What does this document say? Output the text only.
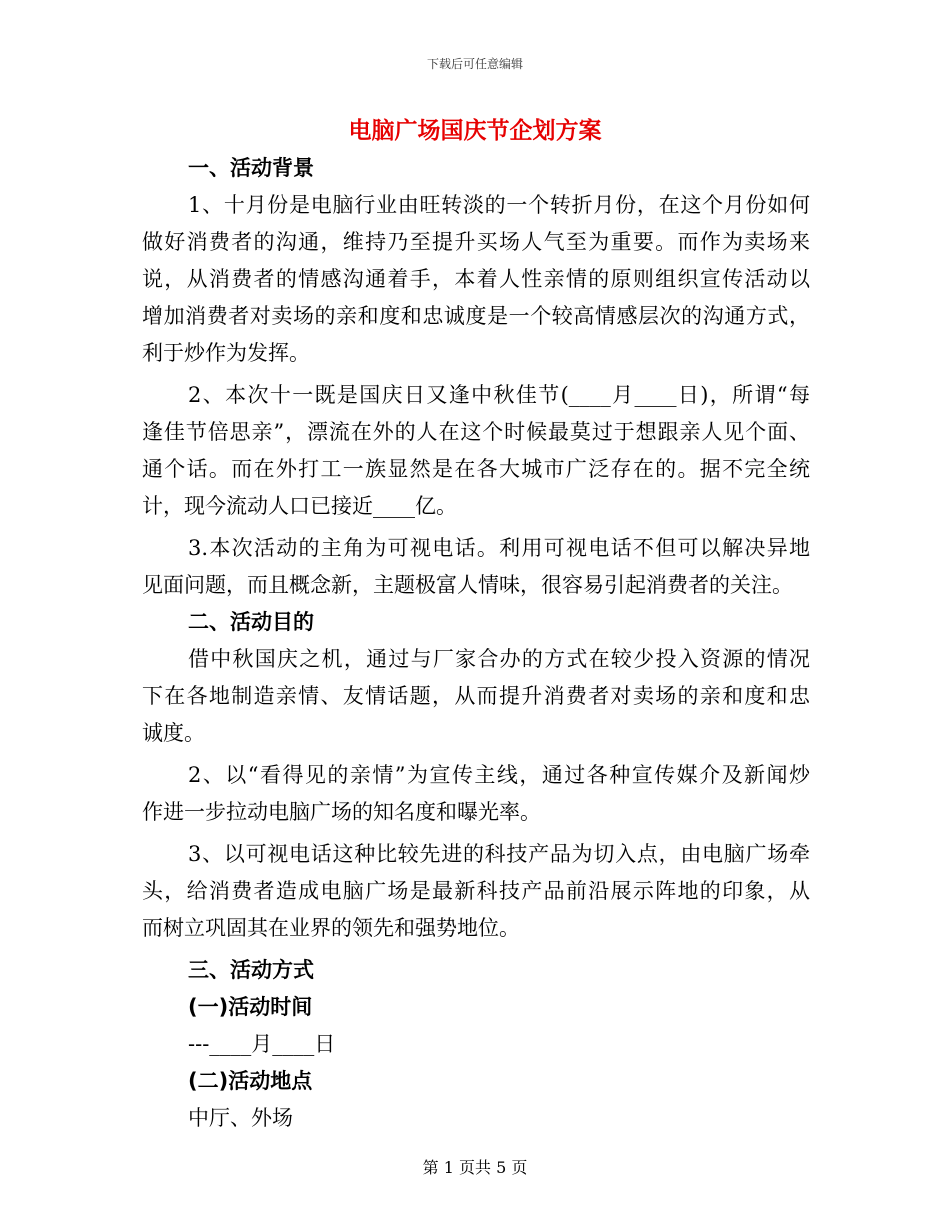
下载后可任意编辑
电脑广场国庆节企划方案
一、活动背景
1、十月份是电脑行业由旺转淡的一个转折月份，在这个月份如何
做好消费者的沟通，维持乃至提升买场人气至为重要。而作为卖场来
说，从消费者的情感沟通着手，本着人性亲情的原则组织宣传活动以
增加消费者对卖场的亲和度和忠诚度是一个较高情感层次的沟通方式，
利于炒作为发挥。
2、本次十一既是国庆日又逢中秋佳节(____月____日)，所谓“每
逢佳节倍思亲”，漂流在外的人在这个时候最莫过于想跟亲人见个面、
通个话。而在外打工一族显然是在各大城市广泛存在的。据不完全统
计，现今流动人口已接近____亿。
3.本次活动的主角为可视电话。利用可视电话不但可以解决异地
见面问题，而且概念新，主题极富人情味，很容易引起消费者的关注。
二、活动目的
借中秋国庆之机，通过与厂家合办的方式在较少投入资源的情况
下在各地制造亲情、友情话题，从而提升消费者对卖场的亲和度和忠
诚度。
2、以“看得见的亲情”为宣传主线，通过各种宣传媒介及新闻炒
作进一步拉动电脑广场的知名度和曝光率。
3、以可视电话这种比较先进的科技产品为切入点，由电脑广场牵
头，给消费者造成电脑广场是最新科技产品前沿展示阵地的印象，从
而树立巩固其在业界的领先和强势地位。
三、活动方式
(一)活动时间
---____月____日
(二)活动地点
中厅、外场
第 1 页共 5 页
